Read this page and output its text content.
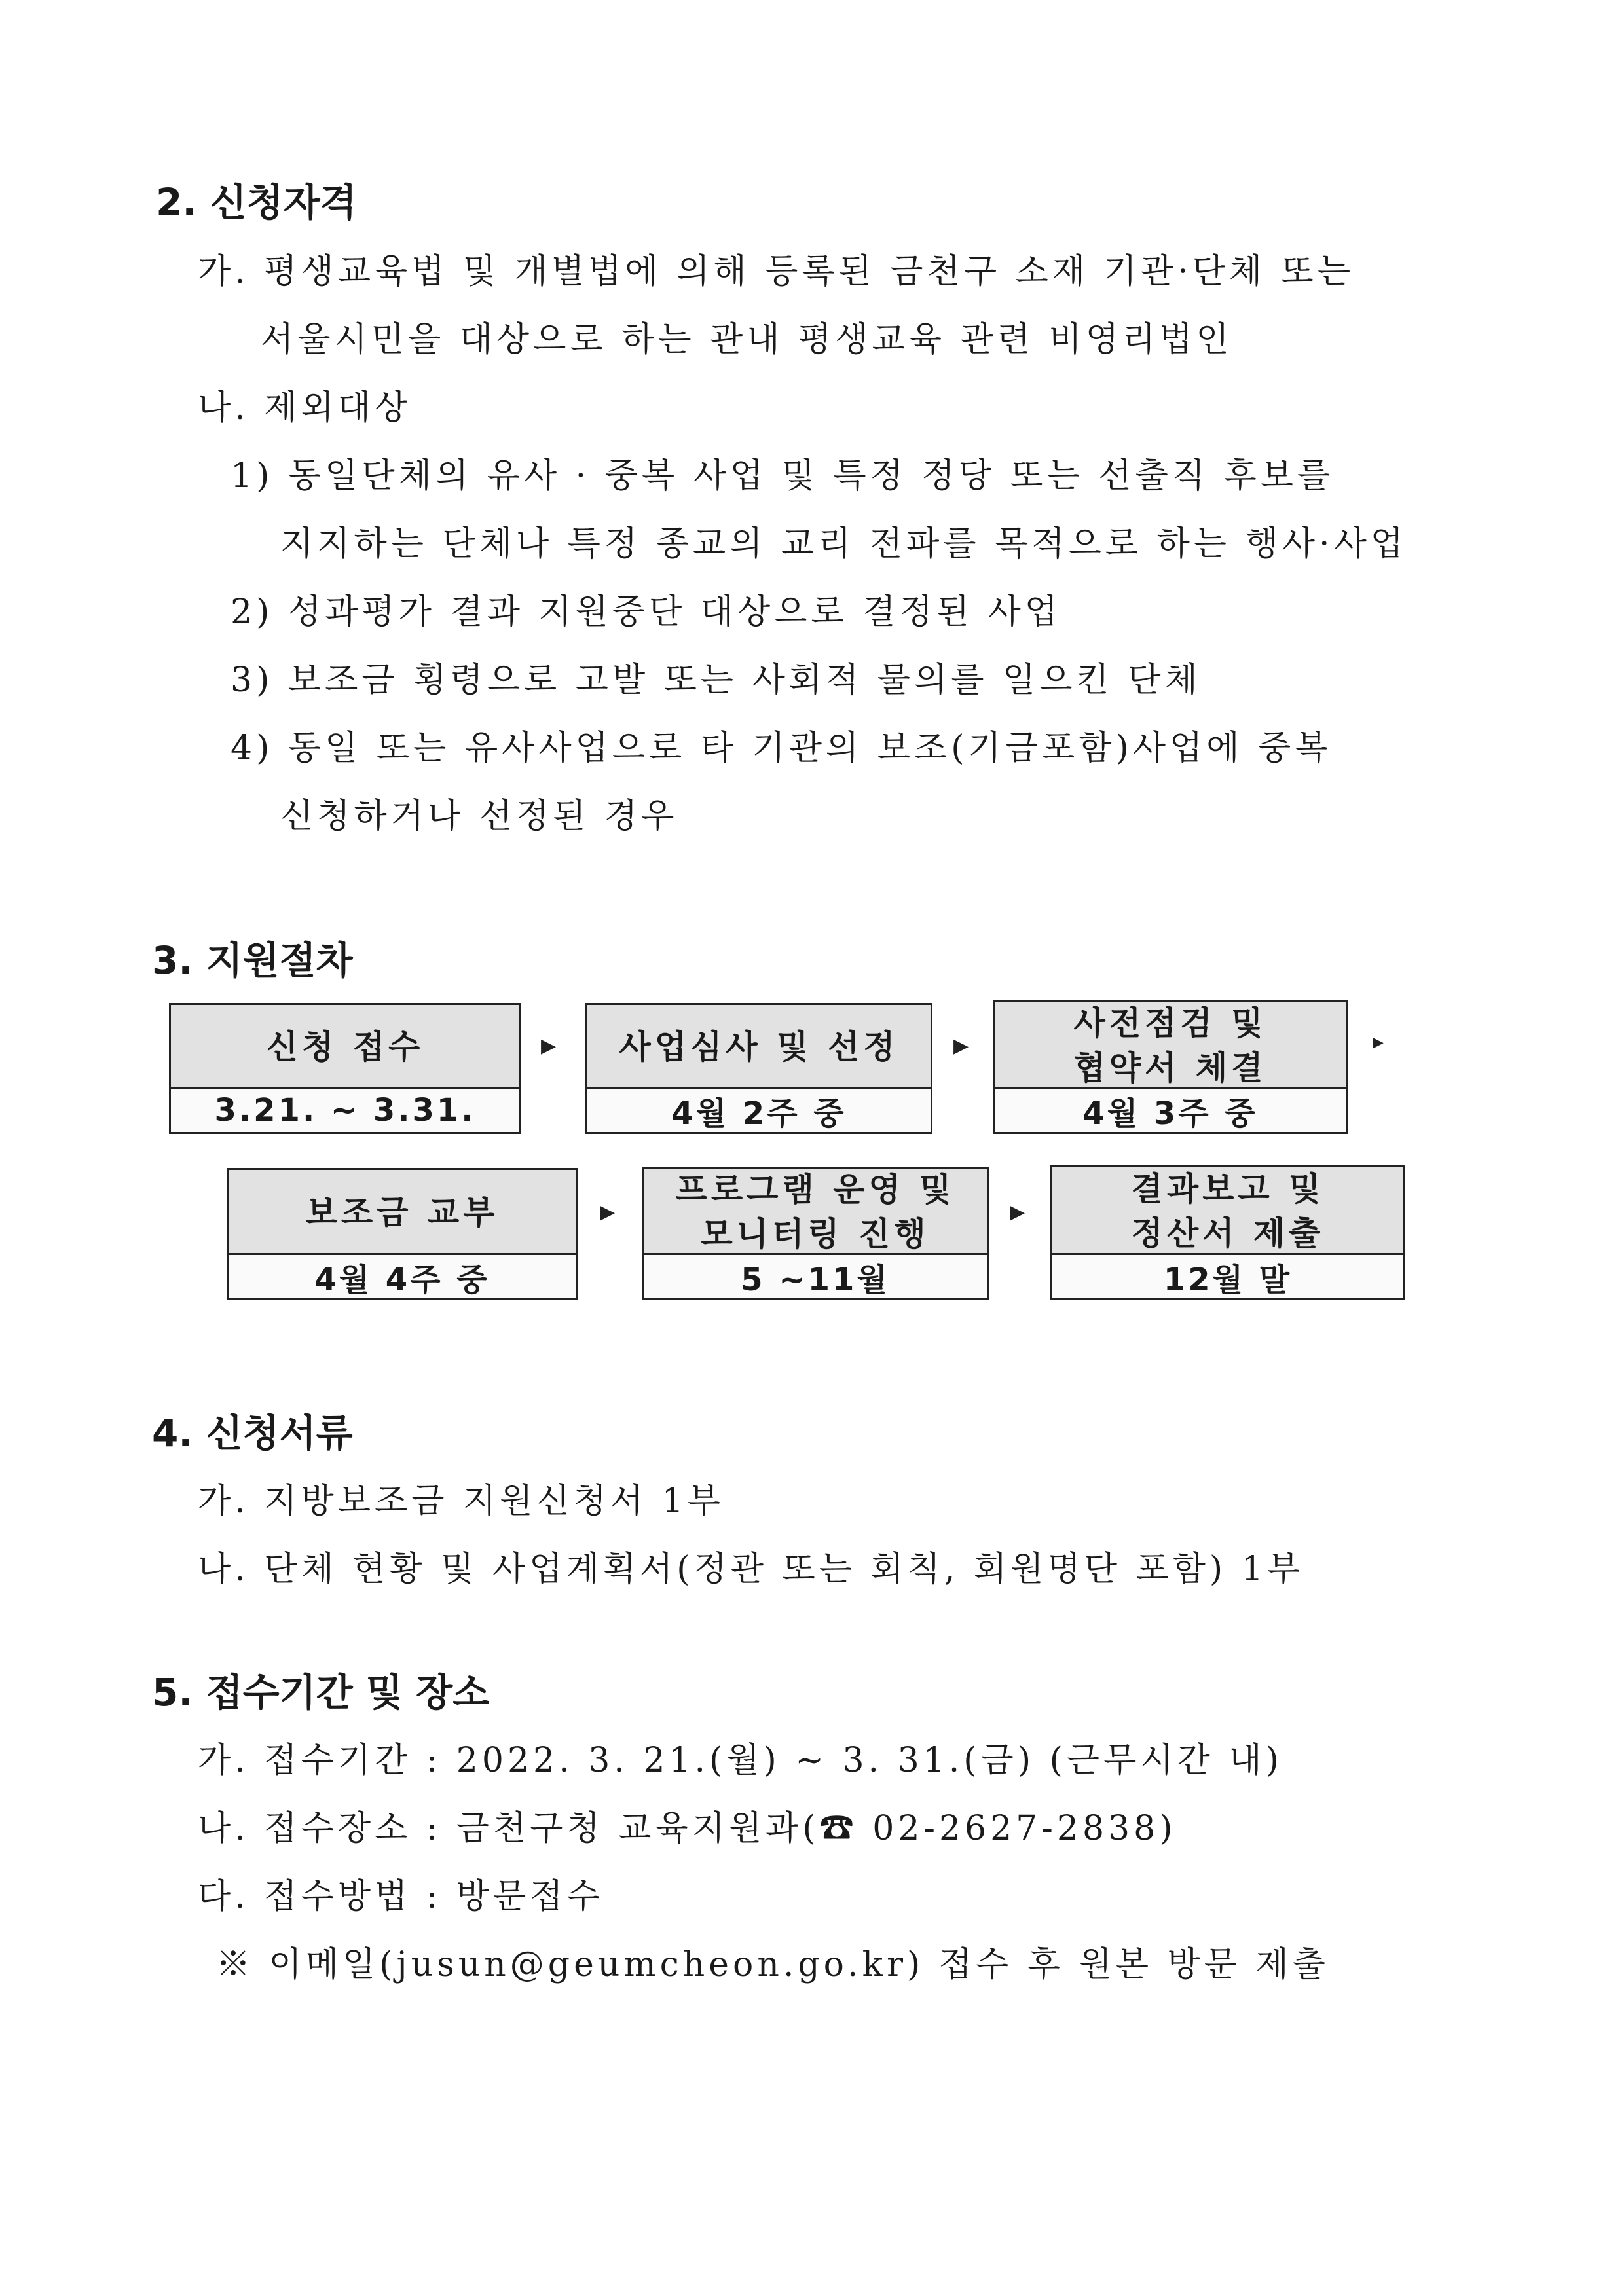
2. 신청자격
가. 평생교육법 및 개별법에 의해 등록된 금천구 소재 기관·단체 또는
서울시민을 대상으로 하는 관내 평생교육 관련 비영리법인
나. 제외대상
1) 동일단체의 유사 · 중복 사업 및 특정 정당 또는 선출직 후보를
지지하는 단체나 특정 종교의 교리 전파를 목적으로 하는 행사·사업
2) 성과평가 결과 지원중단 대상으로 결정된 사업
3) 보조금 횡령으로 고발 또는 사회적 물의를 일으킨 단체
4) 동일 또는 유사사업으로 타 기관의 보조(기금포함)사업에 중복
신청하거나 선정된 경우
3. 지원절차
신청 접수
3.21. ~ 3.31.
▶ 사업심사 및 선정
4월 2주 중
▶
사전점검 및
협약서 체결
4월 3주 중
▶
보조금 교부
4월 4주 중
▶
프로그램 운영 및
모니터링 진행
5 ~11월
▶
결과보고 및
정산서 제출
12월 말
4. 신청서류
가. 지방보조금 지원신청서 1부
나. 단체 현황 및 사업계획서(정관 또는 회칙, 회원명단 포함) 1부
5. 접수기간 및 장소
가. 접수기간 : 2022. 3. 21.(월) ~ 3. 31.(금) (근무시간 내)
나. 접수장소 : 금천구청 교육지원과(☎ 02-2627-2838)
다. 접수방법 : 방문접수
※ 이메일(jusun@geumcheon.go.kr) 접수 후 원본 방문 제출
